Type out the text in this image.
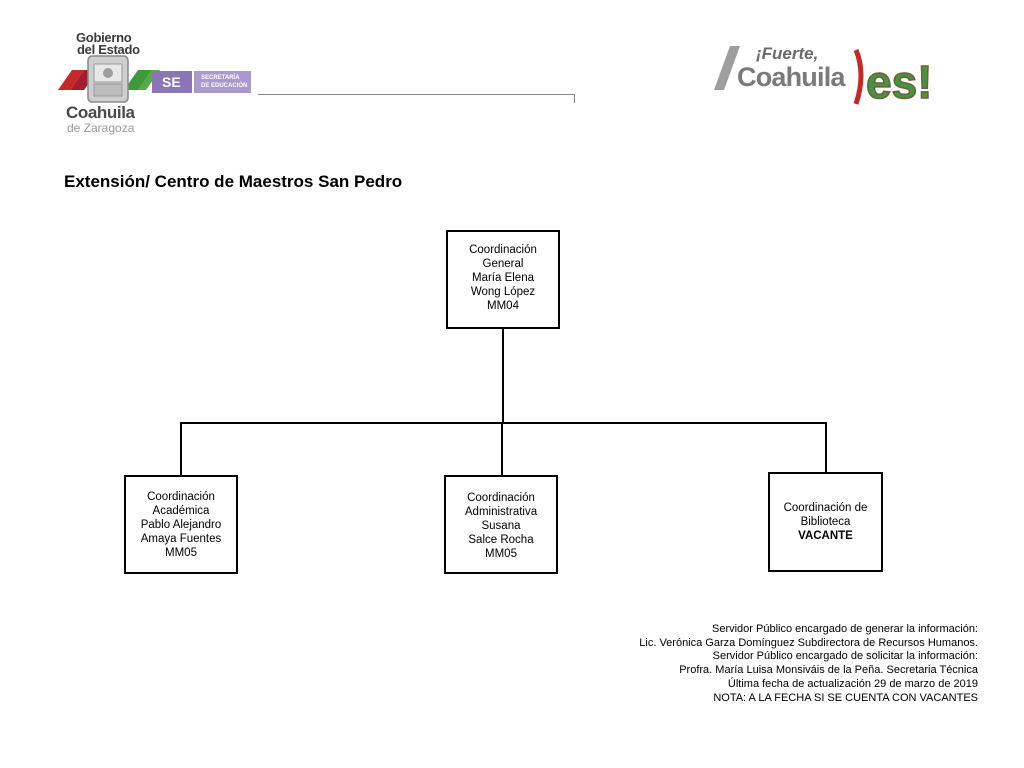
Gobierno
del Estado
Coahuila
de Zaragoza
SE	SECRETARÍA
DE EDUCACIÓN
¡Fuerte,
Coahuila es!
Extensión/ Centro de Maestros San Pedro
Coordinación
General
María Elena
Wong López
MM04
Coordinación
Académica
Pablo Alejandro
Amaya Fuentes
MM05
Coordinación
Administrativa
Susana
Salce Rocha
MM05
Coordinación de
Biblioteca
VACANTE
Servidor Público encargado de generar la información:
Lic. Verónica Garza Domínguez Subdirectora de Recursos Humanos.
Servidor Público encargado de solicitar la información:
Profra. María Luisa Monsiváis de la Peña. Secretaria Técnica
Última fecha de actualización 29 de marzo de 2019
NOTA: A LA FECHA SI SE CUENTA CON VACANTES
